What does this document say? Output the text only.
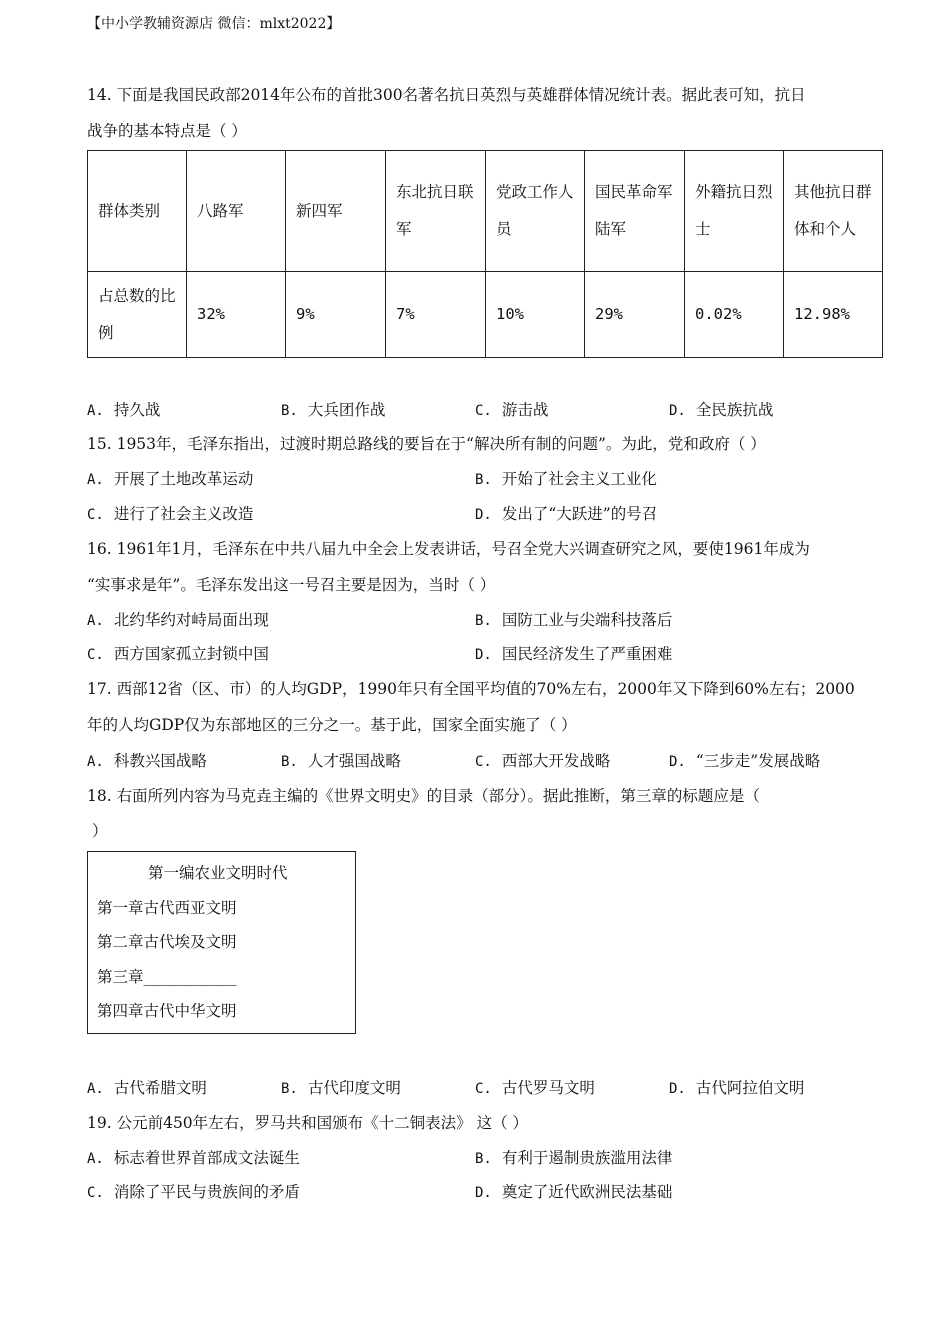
【中小学教辅资源店 微信：mlxt2022】
14. 下面是我国民政部2014年公布的首批300名著名抗日英烈与英雄群体情况统计表。据此表可知，抗日
战争的基本特点是（ ）
群体类别	八路军	新四军	东北抗日联军	党政工作人员	国民革命军陆军	外籍抗日烈士	其他抗日群体和个人
占总数的比例	32%	9%	7%	10%	29%	0.02%	12.98%
A. 持久战	B. 大兵团作战	C. 游击战	D. 全民族抗战
15. 1953年，毛泽东指出，过渡时期总路线的要旨在于“解决所有制的问题”。为此，党和政府（ ）
A. 开展了土地改革运动	B. 开始了社会主义工业化
C. 进行了社会主义改造	D. 发出了“大跃进”的号召
16. 1961年1月，毛泽东在中共八届九中全会上发表讲话，号召全党大兴调查研究之风，要使1961年成为
“实事求是年”。毛泽东发出这一号召主要是因为，当时（ ）
A. 北约华约对峙局面出现	B. 国防工业与尖端科技落后
C. 西方国家孤立封锁中国	D. 国民经济发生了严重困难
17. 西部12省（区、市）的人均GDP，1990年只有全国平均值的70%左右，2000年又下降到60%左右；2000
年的人均GDP仅为东部地区的三分之一。基于此，国家全面实施了（ ）
A. 科教兴国战略	B. 人才强国战略	C. 西部大开发战略	D. “三步走”发展战略
18. 右面所列内容为马克垚主编的《世界文明史》的目录（部分）。据此推断，第三章的标题应是（
）
第一编农业文明时代
第一章古代西亚文明
第二章古代埃及文明
第三章____________
第四章古代中华文明
A. 古代希腊文明	B. 古代印度文明	C. 古代罗马文明	D. 古代阿拉伯文明
19. 公元前450年左右，罗马共和国颁布《十二铜表法》 这（ ）
A. 标志着世界首部成文法诞生	B. 有利于遏制贵族滥用法律
C. 消除了平民与贵族间的矛盾	D. 奠定了近代欧洲民法基础
